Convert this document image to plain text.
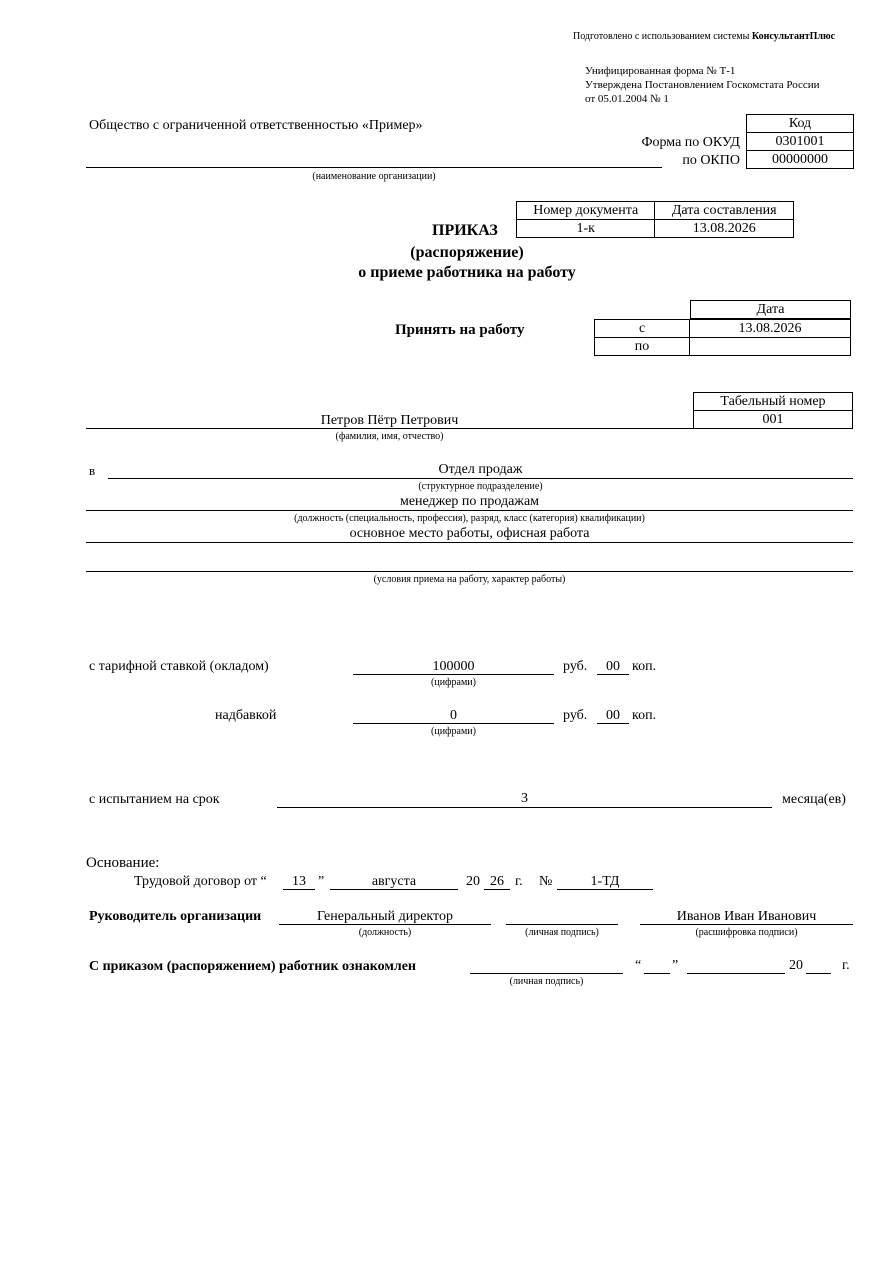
Подготовлено с использованием системы КонсультантПлюс
Унифицированная форма № Т-1
Утверждена Постановлением Госкомстата России
от 05.01.2004 № 1
Общество с ограниченной ответственностью «Пример»
(наименование организации)
Форма по ОКУД
по ОКПО
Код
0301001
00000000
Номер документа	Дата составления
1-к	13.08.2026
ПРИКАЗ
(распоряжение)
о приеме работника на работу
Принять на работу
Дата
с	13.08.2026
по	
Табельный номер
001
Петров Пётр Петрович
(фамилия, имя, отчество)
в	Отдел продаж
(структурное подразделение)
менеджер по продажам
(должность (специальность, профессия), разряд, класс (категория) квалификации)
основное место работы, офисная работа
(условия приема на работу, характер работы)
с тарифной ставкой (окладом)	100000
(цифрами)
руб.	00 коп.
надбавкой	0
(цифрами)
руб.	00 коп.
с испытанием на срок	3	месяца(ев)
Основание:
Трудовой договор от “	13 ”	августа	20 26 г. №	1-ТД
Руководитель организации	Генеральный директор
(должность)	(личная подпись)
Иванов Иван Иванович
(расшифровка подписи)
С приказом (распоряжением) работник ознакомлен
(личная подпись)
“ ”	20	г.
